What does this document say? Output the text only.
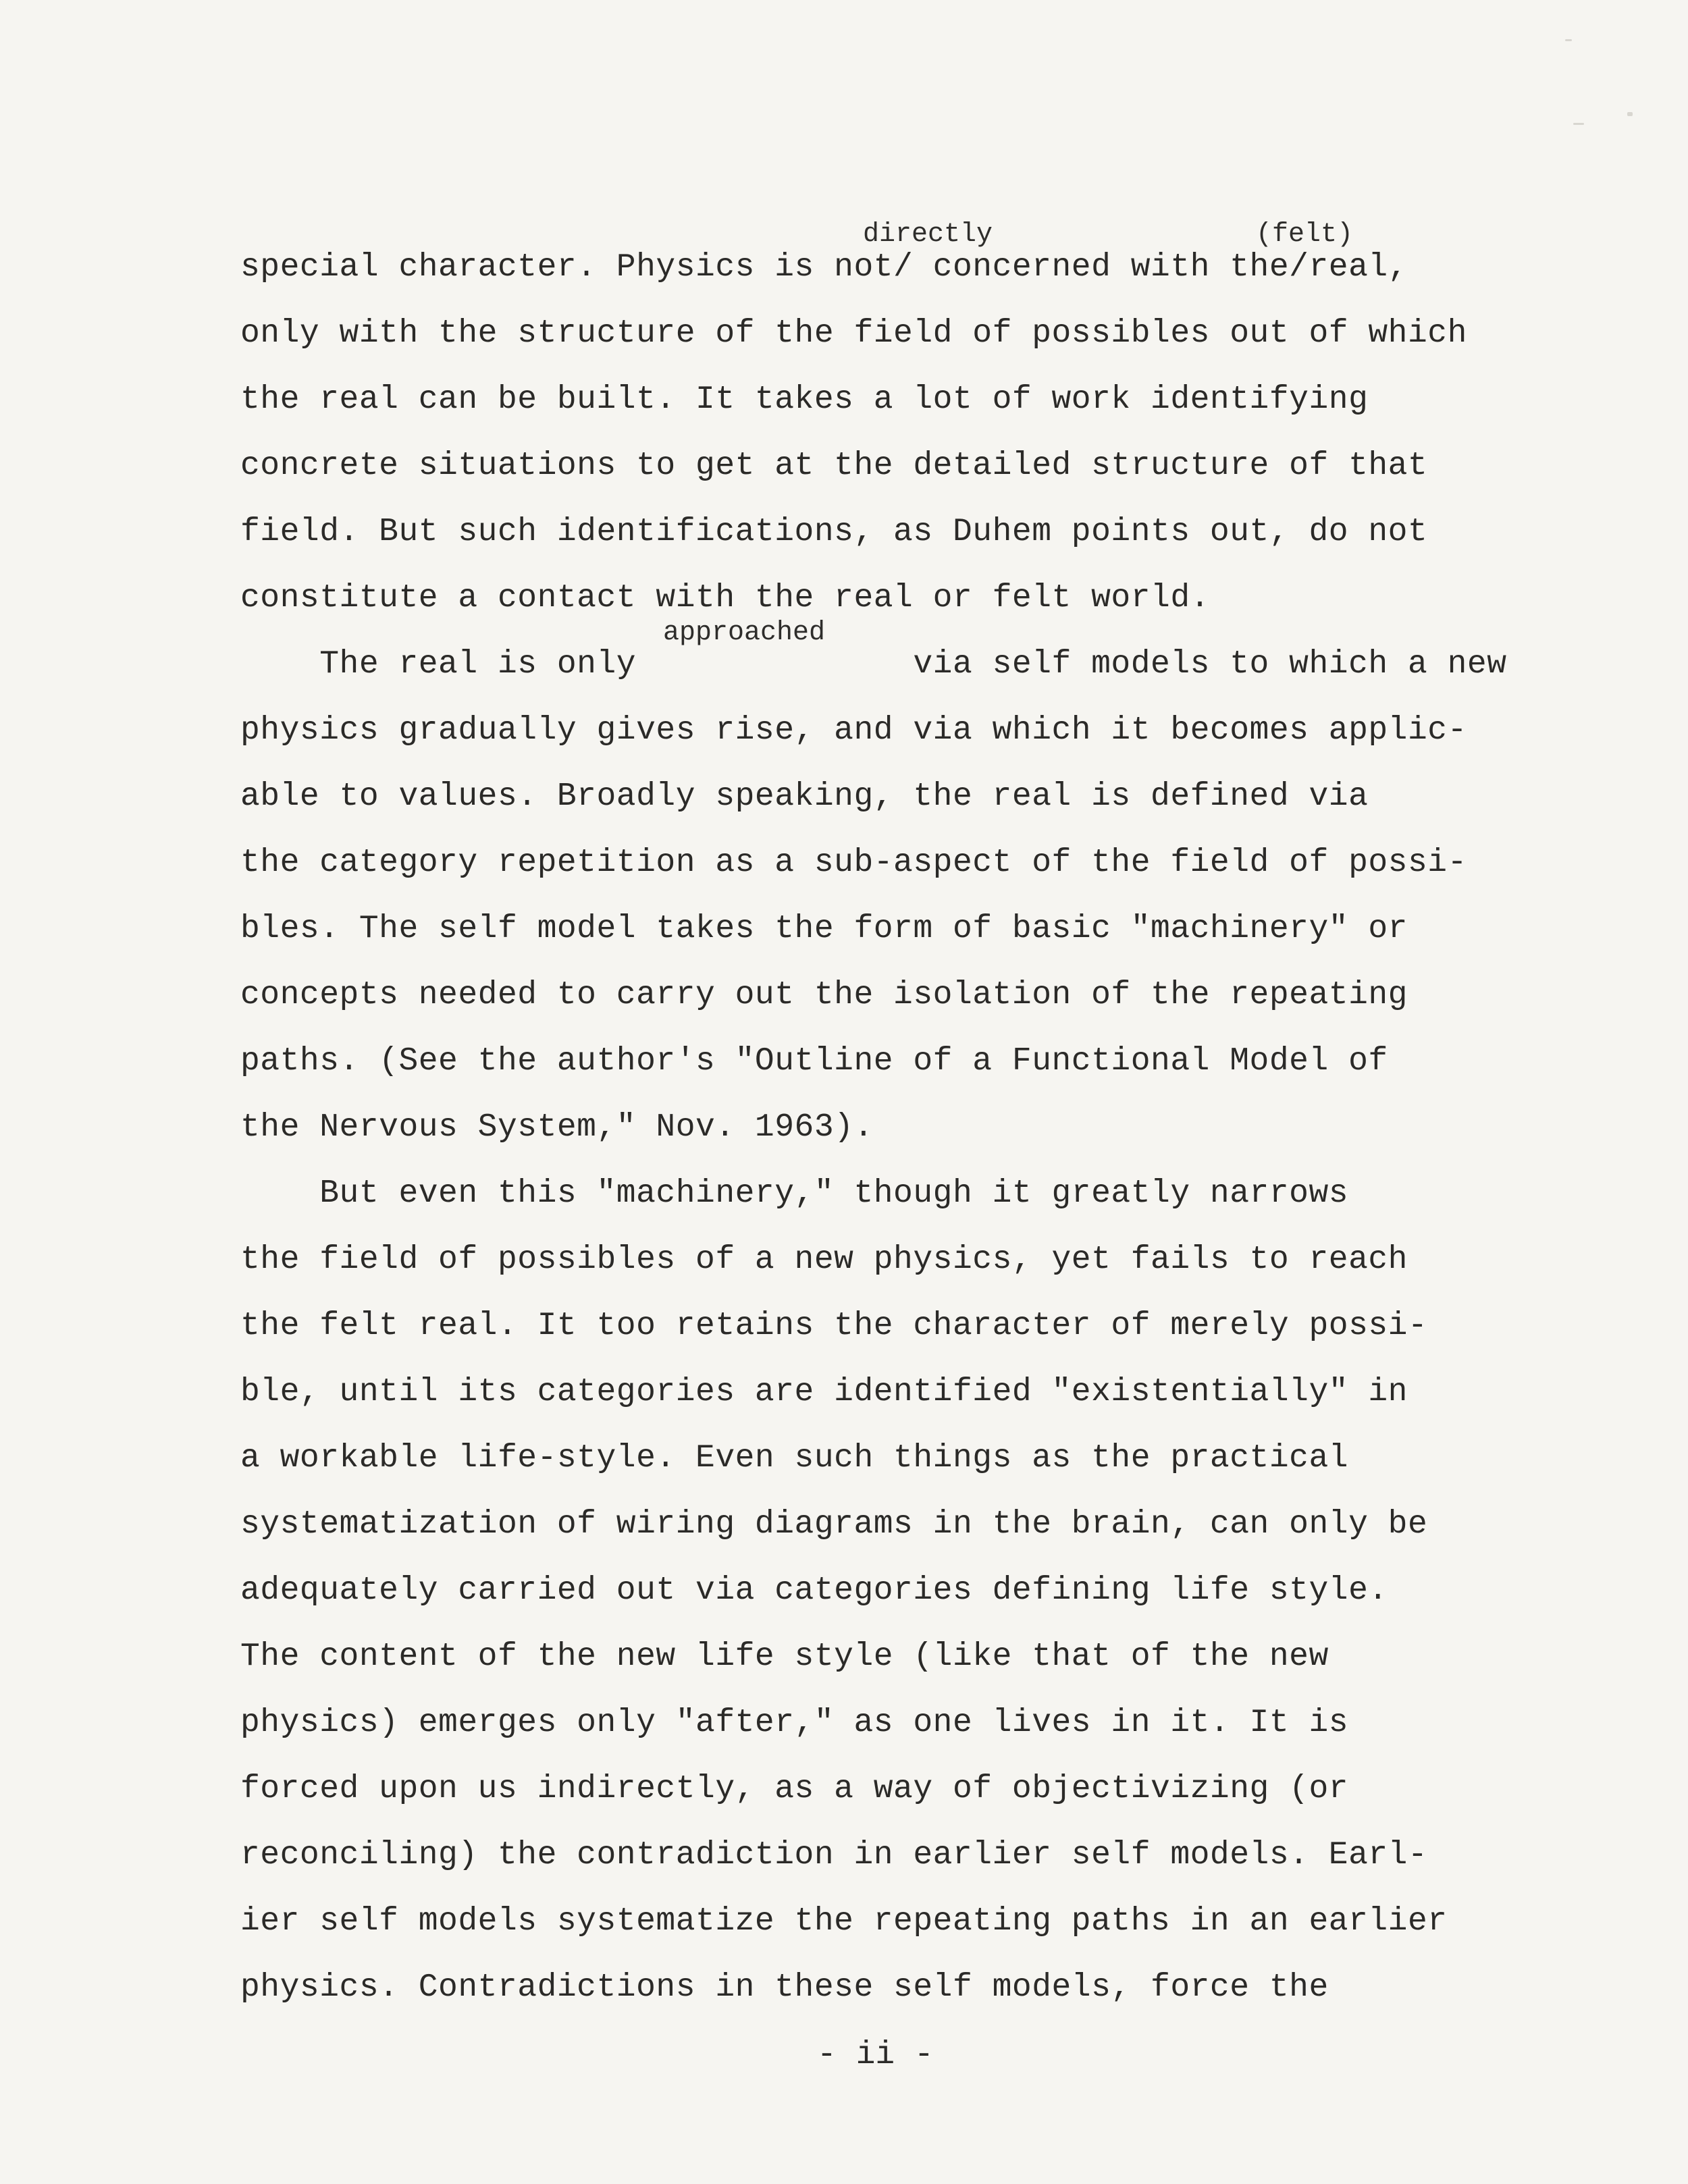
directly	(felt)
approached
special character. Physics is not/ concerned with the/real,
only with the structure of the field of possibles out of which
the real can be built. It takes a lot of work identifying
concrete situations to get at the detailed structure of that
field. But such identifications, as Duhem points out, do not
constitute a contact with the real or felt world.
The real is only              via self models to which a new
physics gradually gives rise, and via which it becomes applic-
able to values. Broadly speaking, the real is defined via
the category repetition as a sub-aspect of the field of possi-
bles. The self model takes the form of basic "machinery" or
concepts needed to carry out the isolation of the repeating
paths. (See the author's "Outline of a Functional Model of
the Nervous System," Nov. 1963).
But even this "machinery," though it greatly narrows
the field of possibles of a new physics, yet fails to reach
the felt real. It too retains the character of merely possi-
ble, until its categories are identified "existentially" in
a workable life-style. Even such things as the practical
systematization of wiring diagrams in the brain, can only be
adequately carried out via categories defining life style.
The content of the new life style (like that of the new
physics) emerges only "after," as one lives in it. It is
forced upon us indirectly, as a way of objectivizing (or
reconciling) the contradiction in earlier self models. Earl-
ier self models systematize the repeating paths in an earlier
physics. Contradictions in these self models, force the
- ii -
